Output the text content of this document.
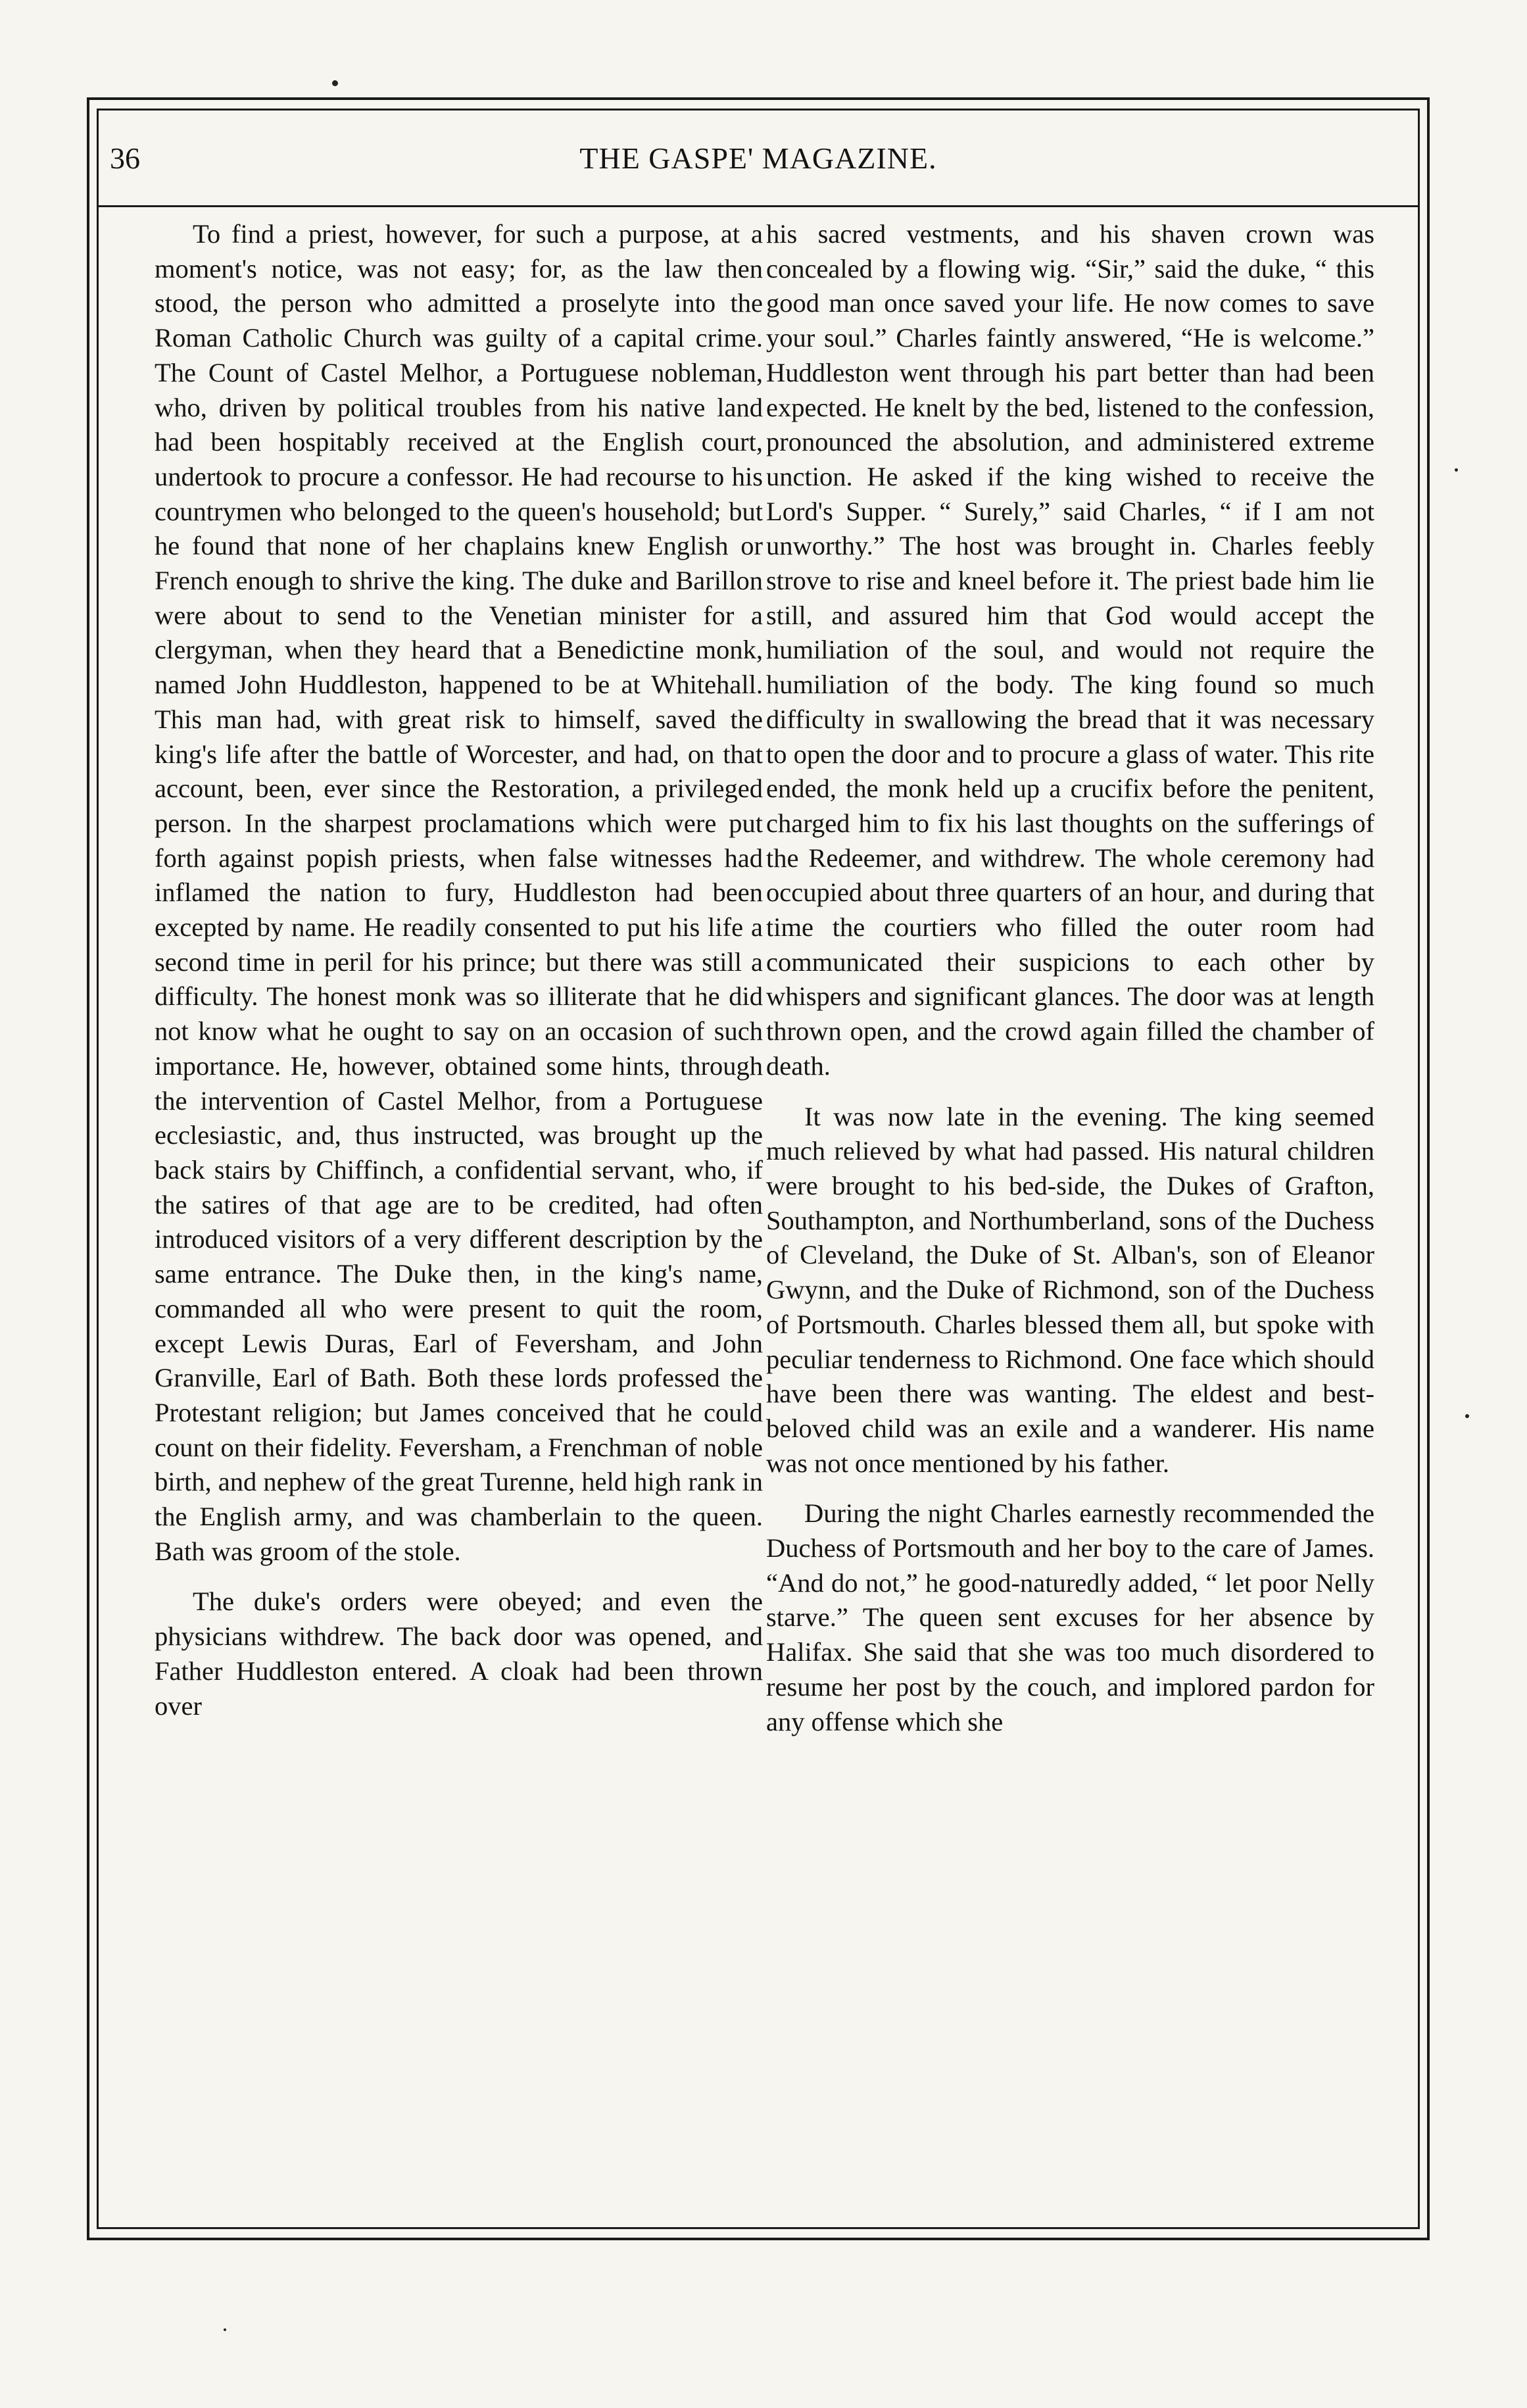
36	THE GASPE' MAGAZINE.

To find a priest, however, for such a purpose, at a moment's notice, was not easy; for, as the law then stood, the person who admitted a proselyte into the Roman Catholic Church was guilty of a capital crime. The Count of Castel Melhor, a Portuguese nobleman, who, driven by political troubles from his native land had been hospitably received at the English court, undertook to procure a confessor. He had recourse to his countrymen who belonged to the queen's household; but he found that none of her chaplains knew English or French enough to shrive the king. The duke and Barillon were about to send to the Venetian minister for a clergyman, when they heard that a Benedictine monk, named John Huddleston, happened to be at Whitehall. This man had, with great risk to himself, saved the king's life after the battle of Worcester, and had, on that account, been, ever since the Restoration, a privileged person. In the sharpest proclamations which were put forth against popish priests, when false witnesses had inflamed the nation to fury, Huddleston had been excepted by name. He readily consented to put his life a second time in peril for his prince; but there was still a difficulty. The honest monk was so illiterate that he did not know what he ought to say on an occasion of such importance. He, however, obtained some hints, through the intervention of Castel Melhor, from a Portuguese ecclesiastic, and, thus instructed, was brought up the back stairs by Chiffinch, a confidential servant, who, if the satires of that age are to be credited, had often introduced visitors of a very different description by the same entrance. The Duke then, in the king's name, commanded all who were present to quit the room, except Lewis Duras, Earl of Feversham, and John Granville, Earl of Bath. Both these lords professed the Protestant religion; but James conceived that he could count on their fidelity. Feversham, a Frenchman of noble birth, and nephew of the great Turenne, held high rank in the English army, and was chamberlain to the queen. Bath was groom of the stole.

The duke's orders were obeyed; and even the physicians withdrew. The back door was opened, and Father Huddleston entered. A cloak had been thrown over

his sacred vestments, and his shaven crown was concealed by a flowing wig. “Sir,” said the duke, “ this good man once saved your life. He now comes to save your soul.” Charles faintly answered, “He is welcome.” Huddleston went through his part better than had been expected. He knelt by the bed, listened to the confession, pronounced the absolution, and administered extreme unction. He asked if the king wished to receive the Lord's Supper. “ Surely,” said Charles, “ if I am not unworthy.” The host was brought in. Charles feebly strove to rise and kneel before it. The priest bade him lie still, and assured him that God would accept the humiliation of the soul, and would not require the humiliation of the body. The king found so much difficulty in swallowing the bread that it was necessary to open the door and to procure a glass of water. This rite ended, the monk held up a crucifix before the penitent, charged him to fix his last thoughts on the sufferings of the Redeemer, and withdrew. The whole ceremony had occupied about three quarters of an hour, and during that time the courtiers who filled the outer room had communicated their suspicions to each other by whispers and significant glances. The door was at length thrown open, and the crowd again filled the chamber of death.

It was now late in the evening. The king seemed much relieved by what had passed. His natural children were brought to his bed-side, the Dukes of Grafton, Southampton, and Northumberland, sons of the Duchess of Cleveland, the Duke of St. Alban's, son of Eleanor Gwynn, and the Duke of Richmond, son of the Duchess of Portsmouth. Charles blessed them all, but spoke with peculiar tenderness to Richmond. One face which should have been there was wanting. The eldest and best-beloved child was an exile and a wanderer. His name was not once mentioned by his father.

During the night Charles earnestly recommended the Duchess of Portsmouth and her boy to the care of James. “And do not,” he good-naturedly added, “ let poor Nelly starve.” The queen sent excuses for her absence by Halifax. She said that she was too much disordered to resume her post by the couch, and implored pardon for any offense which she
